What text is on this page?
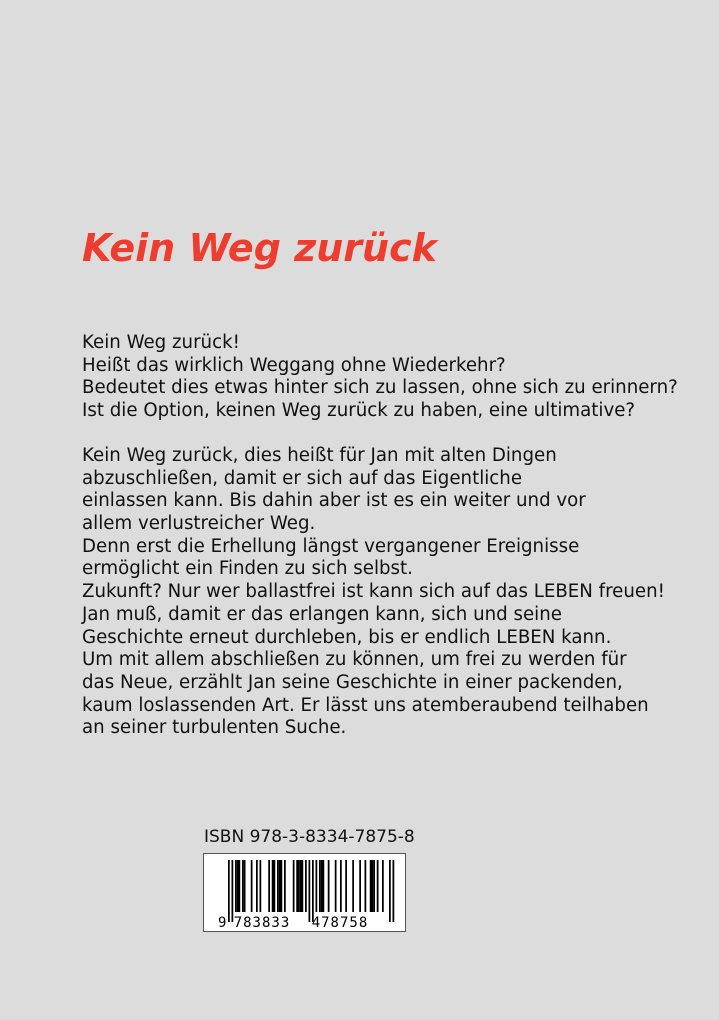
Kein Weg zurück
Kein Weg zurück!
Heißt das wirklich Weggang ohne Wiederkehr?
Bedeutet dies etwas hinter sich zu lassen, ohne sich zu erinnern?
Ist die Option, keinen Weg zurück zu haben, eine ultimative?
Kein Weg zurück, dies heißt für Jan mit alten Dingen
abzuschließen, damit er sich auf das Eigentliche
einlassen kann. Bis dahin aber ist es ein weiter und vor
allem verlustreicher Weg.
Denn erst die Erhellung längst vergangener Ereignisse
ermöglicht ein Finden zu sich selbst.
Zukunft? Nur wer ballastfrei ist kann sich auf das LEBEN freuen!
Jan muß, damit er das erlangen kann, sich und seine
Geschichte erneut durchleben, bis er endlich LEBEN kann.
Um mit allem abschließen zu können, um frei zu werden für
das Neue, erzählt Jan seine Geschichte in einer packenden,
kaum loslassenden Art. Er lässt uns atemberaubend teilhaben
an seiner turbulenten Suche.
ISBN 978-3-8334-7875-8
9 783833 478758
